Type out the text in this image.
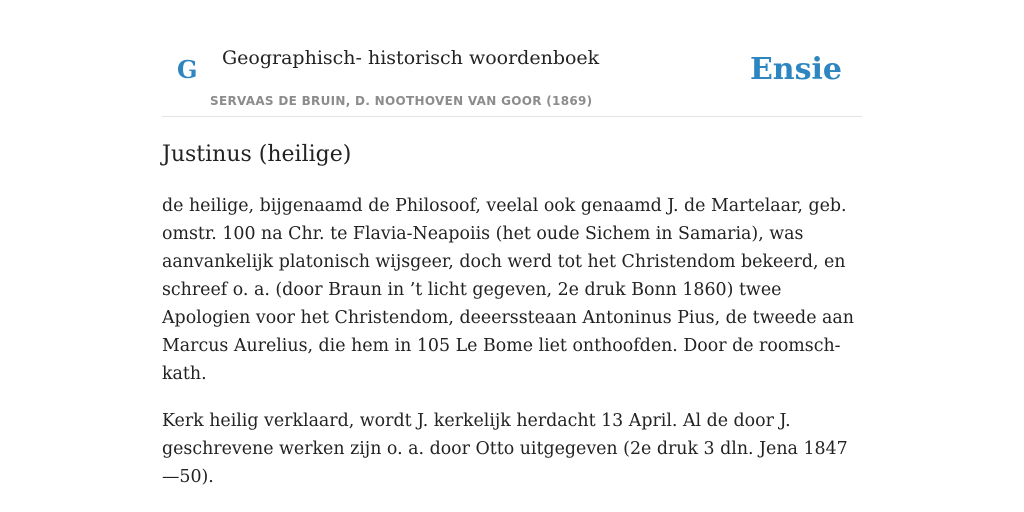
G Geographisch- historisch woordenboek
SERVAAS DE BRUIN, D. NOOTHOVEN VAN GOOR (1869)
Ensie
Justinus (heilige)

de heilige, bijgenaamd de Philosoof, veelal ook genaamd J. de Martelaar, geb. omstr. 100 na Chr. te Flavia-Neapoiis (het oude Sichem in Samaria), was aanvankelijk platonisch wijsgeer, doch werd tot het Christendom bekeerd, en schreef o. a. (door Braun in ’t licht gegeven, 2e druk Bonn 1860) twee Apologien voor het Christendom, deeerssteaan Antoninus Pius, de tweede aan Marcus Aurelius, die hem in 105 Le Bome liet onthoofden. Door de roomsch-kath.

Kerk heilig verklaard, wordt J. kerkelijk herdacht 13 April. Al de door J. geschrevene werken zijn o. a. door Otto uitgegeven (2e druk 3 dln. Jena 1847—50).
